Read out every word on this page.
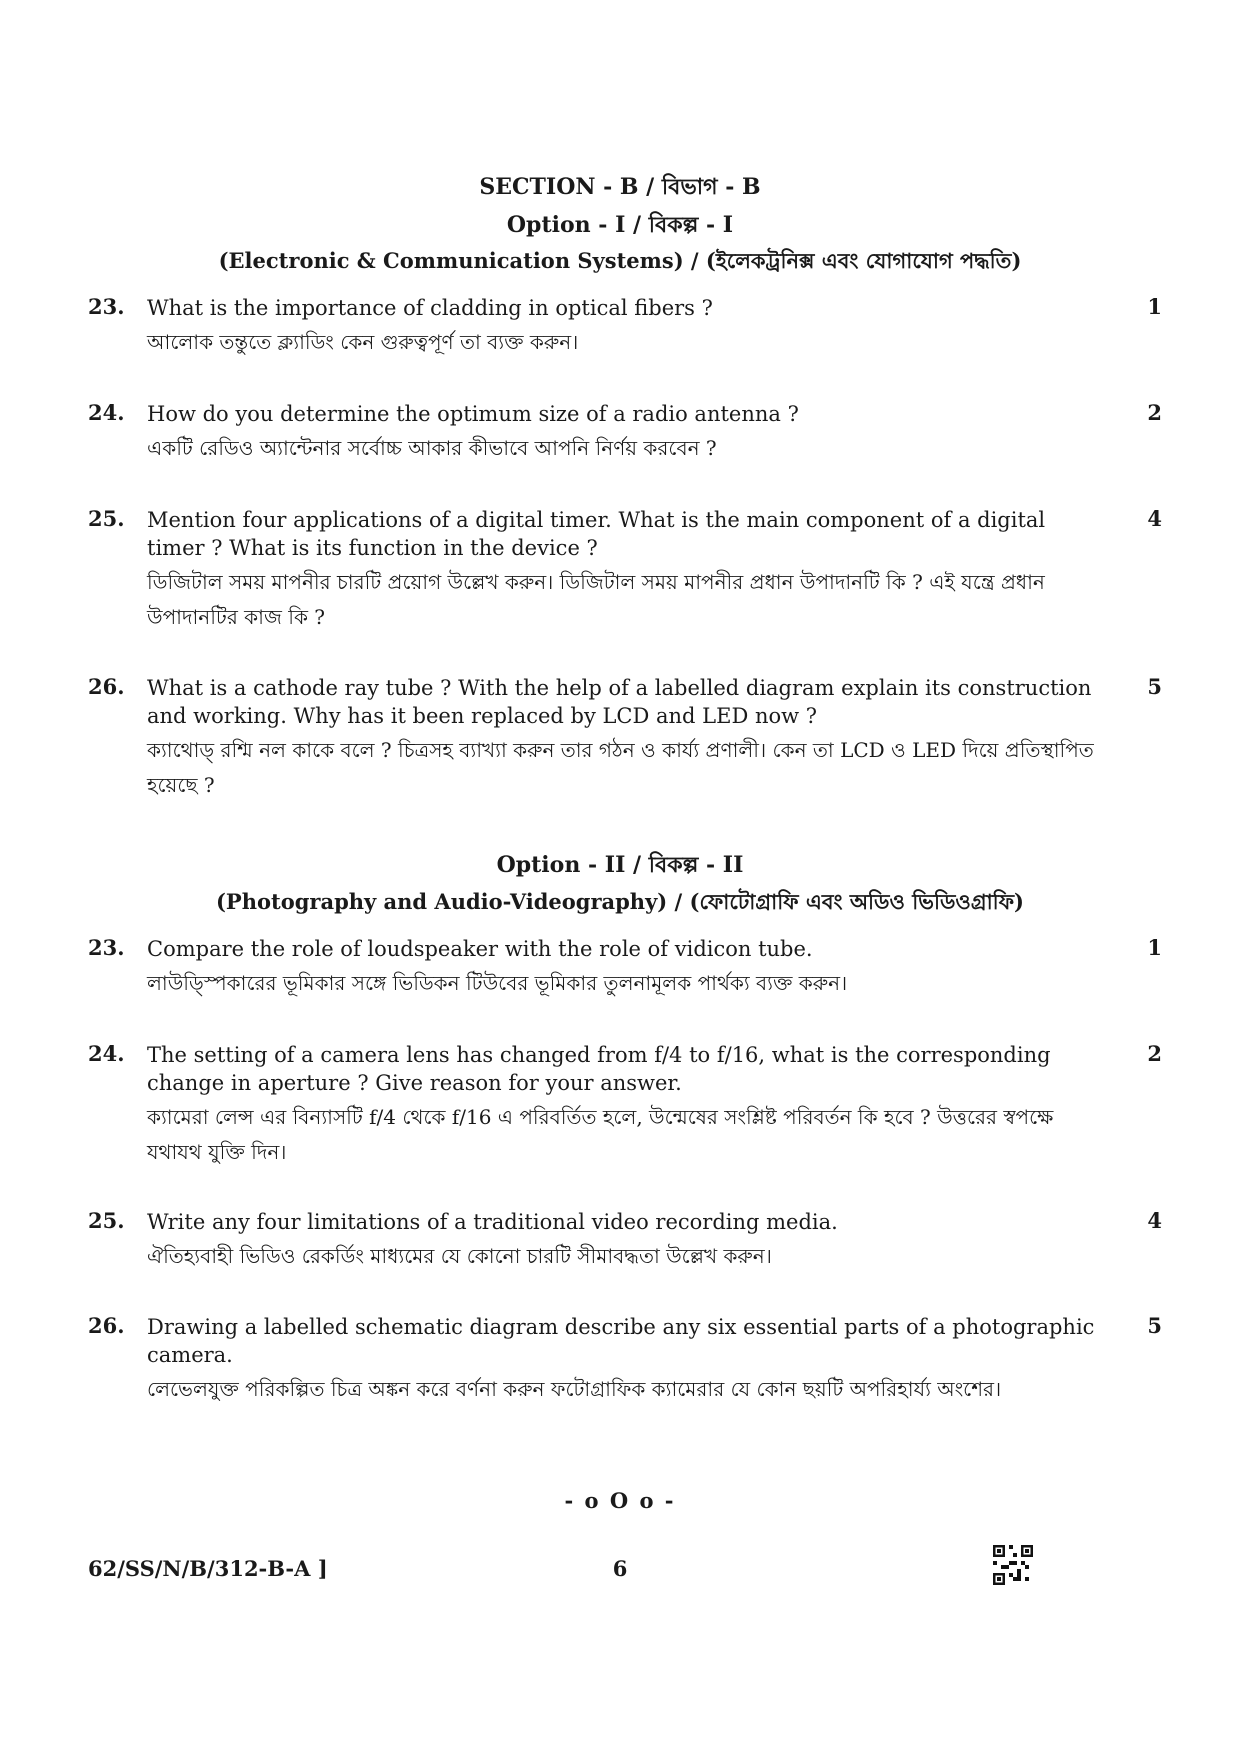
SECTION - B / বিভাগ - B
Option - I / বিকল্প - I
(Electronic & Communication Systems) / (ইলেকট্রনিক্স এবং যোগাযোগ পদ্ধতি)
23. What is the importance of cladding in optical fibers ?

আলোক তন্তুতে ক্ল্যাডিং কেন গুরুত্বপূর্ণ তা ব্যক্ত করুন।

1
24. How do you determine the optimum size of a radio antenna ?

একটি রেডিও অ্যান্টেনার সর্বোচ্চ আকার কীভাবে আপনি নির্ণয় করবেন ?

2
25. Mention four applications of a digital timer. What is the main component of a digital timer ? What is its function in the device ?

ডিজিটাল সময় মাপনীর চারটি প্রয়োগ উল্লেখ করুন। ডিজিটাল সময় মাপনীর প্রধান উপাদানটি কি ? এই যন্ত্রে প্রধান উপাদানটির কাজ কি ?

4
26. What is a cathode ray tube ? With the help of a labelled diagram explain its construction and working. Why has it been replaced by LCD and LED now ?

ক্যাথোড্ রশ্মি নল কাকে বলে ? চিত্রসহ ব্যাখ্যা করুন তার গঠন ও কার্য্য প্রণালী। কেন তা LCD ও LED দিয়ে প্রতিস্থাপিত হয়েছে ?

5
Option - II / বিকল্প - II
(Photography and Audio-Videography) / (ফোটোগ্রাফি এবং অডিও ভিডিওগ্রাফি)
23. Compare the role of loudspeaker with the role of vidicon tube.

লাউড্স্পিকারের ভূমিকার সঙ্গে ভিডিকন টিউবের ভূমিকার তুলনামূলক পার্থক্য ব্যক্ত করুন।

1
24. The setting of a camera lens has changed from f/4 to f/16, what is the corresponding change in aperture ? Give reason for your answer.

ক্যামেরা লেন্স এর বিন্যাসটি f/4 থেকে f/16 এ পরিবর্তিত হলে, উন্মেষের সংশ্লিষ্ট পরিবর্তন কি হবে ? উত্তরের স্বপক্ষে যথাযথ যুক্তি দিন।

2
25. Write any four limitations of a traditional video recording media.

ঐতিহ্যবাহী ভিডিও রেকর্ডিং মাধ্যমের যে কোনো চারটি সীমাবদ্ধতা উল্লেখ করুন।

4
26. Drawing a labelled schematic diagram describe any six essential parts of a photographic camera.

লেভেলযুক্ত পরিকল্পিত চিত্র অঙ্কন করে বর্ণনা করুন ফটোগ্রাফিক ক্যামেরার যে কোন ছয়টি অপরিহার্য্য অংশের।

5
- o O o -
62/SS/N/B/312-B-A ]	6
